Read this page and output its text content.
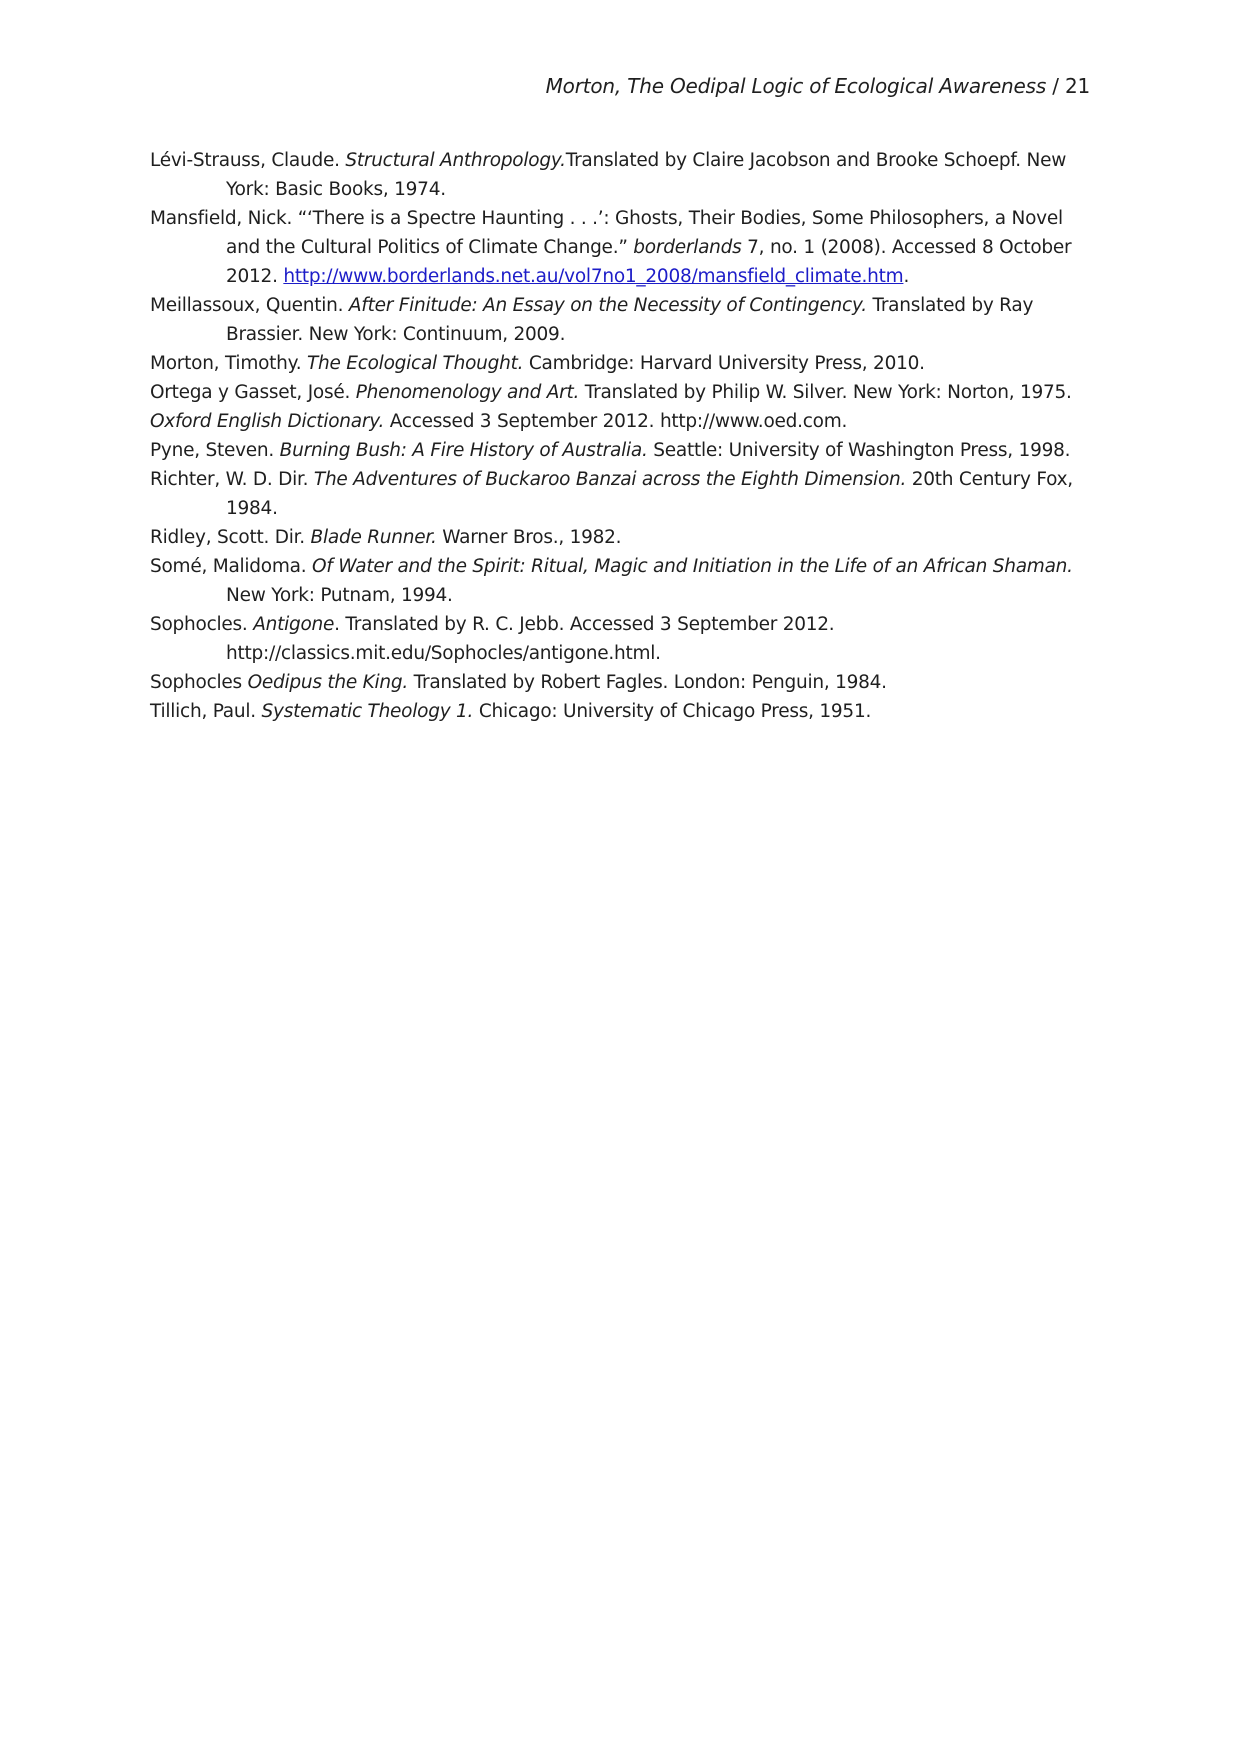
Morton, The Oedipal Logic of Ecological Awareness / 21
Lévi-Strauss, Claude. Structural Anthropology.Translated by Claire Jacobson and Brooke Schoepf. New York: Basic Books, 1974.
Mansfield, Nick. “‘There is a Spectre Haunting . . .’: Ghosts, Their Bodies, Some Philosophers, a Novel and the Cultural Politics of Climate Change.” borderlands 7, no. 1 (2008). Accessed 8 October 2012. http://www.borderlands.net.au/vol7no1_2008/mansfield_climate.htm.
Meillassoux, Quentin. After Finitude: An Essay on the Necessity of Contingency. Translated by Ray Brassier. New York: Continuum, 2009.
Morton, Timothy. The Ecological Thought. Cambridge: Harvard University Press, 2010.
Ortega y Gasset, José. Phenomenology and Art. Translated by Philip W. Silver. New York: Norton, 1975.
Oxford English Dictionary. Accessed 3 September 2012. http://www.oed.com.
Pyne, Steven. Burning Bush: A Fire History of Australia. Seattle: University of Washington Press, 1998.
Richter, W. D. Dir. The Adventures of Buckaroo Banzai across the Eighth Dimension. 20th Century Fox, 1984.
Ridley, Scott. Dir. Blade Runner. Warner Bros., 1982.
Somé, Malidoma. Of Water and the Spirit: Ritual, Magic and Initiation in the Life of an African Shaman. New York: Putnam, 1994.
Sophocles. Antigone. Translated by R. C. Jebb. Accessed 3 September 2012. http://classics.mit.edu/Sophocles/antigone.html.
Sophocles Oedipus the King. Translated by Robert Fagles. London: Penguin, 1984.
Tillich, Paul. Systematic Theology 1. Chicago: University of Chicago Press, 1951.
